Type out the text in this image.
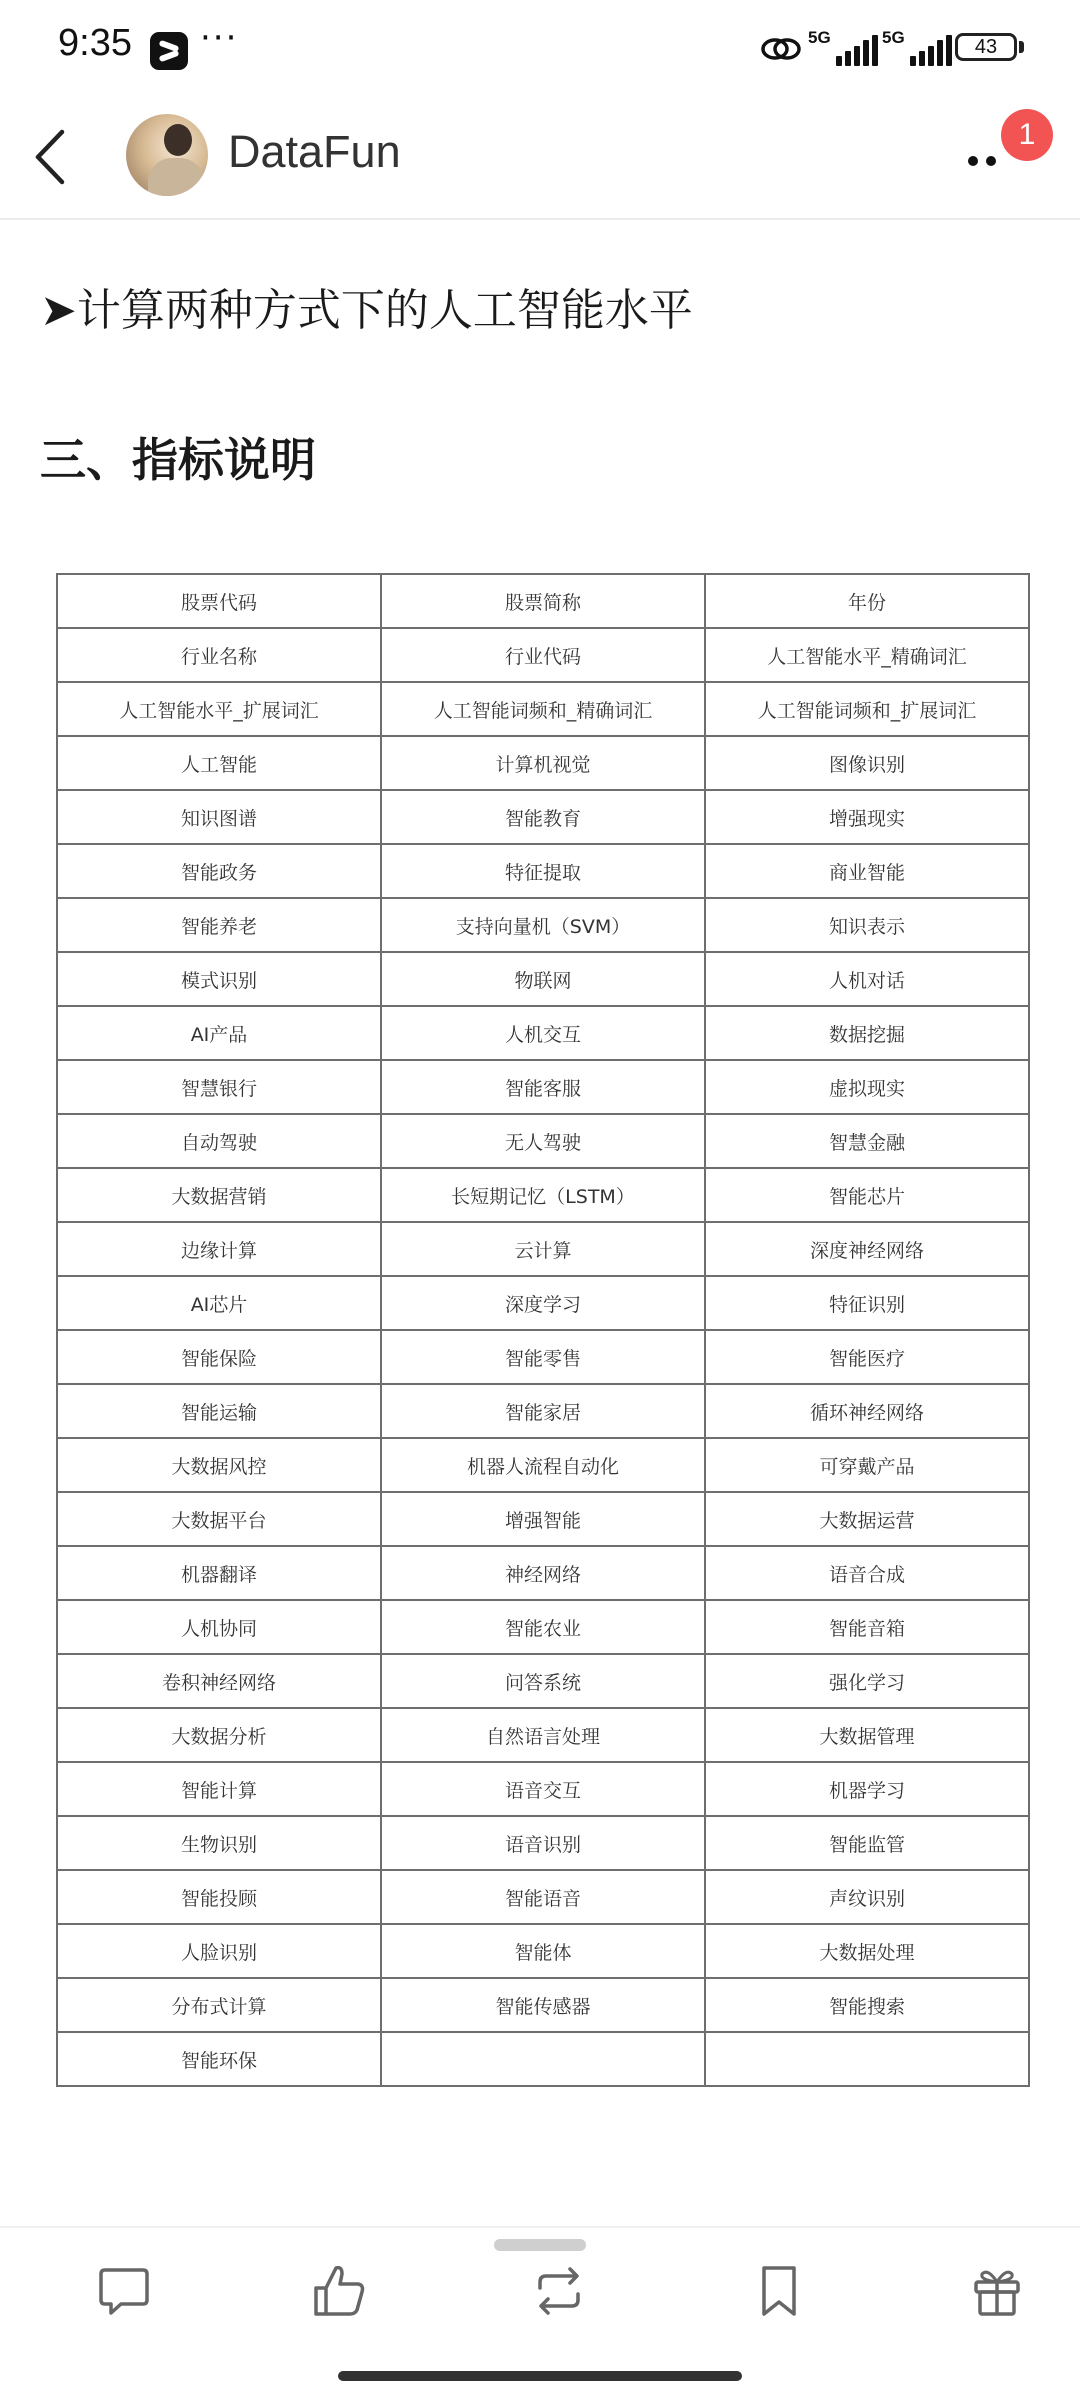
9:35 ···	5G	5G	43
DataFun	1
➤计算两种方式下的人工智能水平
三、指标说明
股票代码	股票简称	年份
行业名称	行业代码	人工智能水平_精确词汇
人工智能水平_扩展词汇	人工智能词频和_精确词汇	人工智能词频和_扩展词汇
人工智能	计算机视觉	图像识别
知识图谱	智能教育	增强现实
智能政务	特征提取	商业智能
智能养老	支持向量机（SVM）	知识表示
模式识别	物联网	人机对话
AI产品	人机交互	数据挖掘
智慧银行	智能客服	虚拟现实
自动驾驶	无人驾驶	智慧金融
大数据营销	长短期记忆（LSTM）	智能芯片
边缘计算	云计算	深度神经网络
AI芯片	深度学习	特征识别
智能保险	智能零售	智能医疗
智能运输	智能家居	循环神经网络
大数据风控	机器人流程自动化	可穿戴产品
大数据平台	增强智能	大数据运营
机器翻译	神经网络	语音合成
人机协同	智能农业	智能音箱
卷积神经网络	问答系统	强化学习
大数据分析	自然语言处理	大数据管理
智能计算	语音交互	机器学习
生物识别	语音识别	智能监管
智能投顾	智能语音	声纹识别
人脸识别	智能体	大数据处理
分布式计算	智能传感器	智能搜索
智能环保		
